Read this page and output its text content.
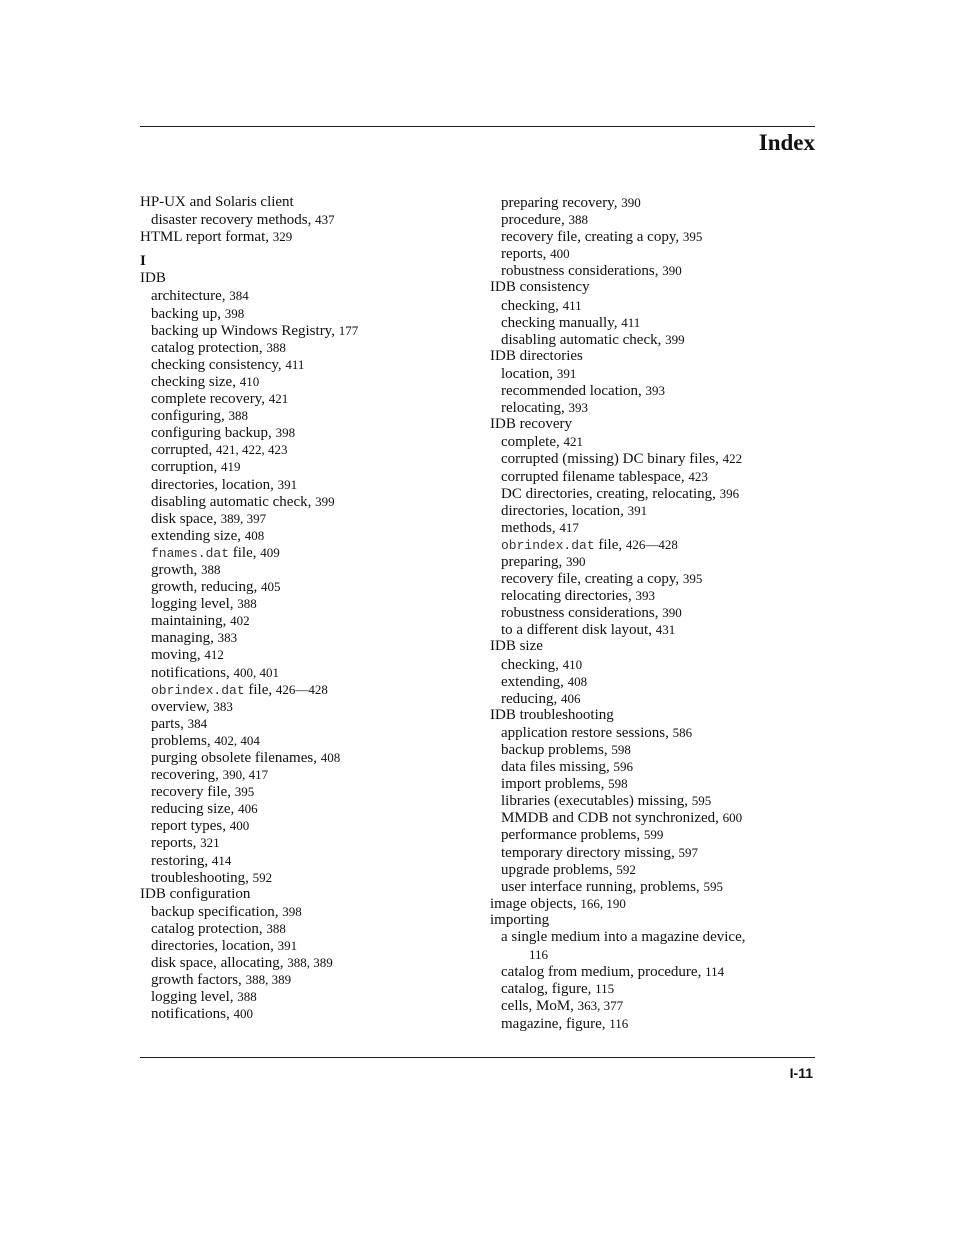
Index
HP-UX and Solaris client
disaster recovery methods, 437
HTML report format, 329
I
IDB
architecture, 384
backing up, 398
backing up Windows Registry, 177
catalog protection, 388
checking consistency, 411
checking size, 410
complete recovery, 421
configuring, 388
configuring backup, 398
corrupted, 421, 422, 423
corruption, 419
directories, location, 391
disabling automatic check, 399
disk space, 389, 397
extending size, 408
fnames.dat file, 409
growth, 388
growth, reducing, 405
logging level, 388
maintaining, 402
managing, 383
moving, 412
notifications, 400, 401
obrindex.dat file, 426—428
overview, 383
parts, 384
problems, 402, 404
purging obsolete filenames, 408
recovering, 390, 417
recovery file, 395
reducing size, 406
report types, 400
reports, 321
restoring, 414
troubleshooting, 592
IDB configuration
backup specification, 398
catalog protection, 388
directories, location, 391
disk space, allocating, 388, 389
growth factors, 388, 389
logging level, 388
notifications, 400
preparing recovery, 390
procedure, 388
recovery file, creating a copy, 395
reports, 400
robustness considerations, 390
IDB consistency
checking, 411
checking manually, 411
disabling automatic check, 399
IDB directories
location, 391
recommended location, 393
relocating, 393
IDB recovery
complete, 421
corrupted (missing) DC binary files, 422
corrupted filename tablespace, 423
DC directories, creating, relocating, 396
directories, location, 391
methods, 417
obrindex.dat file, 426—428
preparing, 390
recovery file, creating a copy, 395
relocating directories, 393
robustness considerations, 390
to a different disk layout, 431
IDB size
checking, 410
extending, 408
reducing, 406
IDB troubleshooting
application restore sessions, 586
backup problems, 598
data files missing, 596
import problems, 598
libraries (executables) missing, 595
MMDB and CDB not synchronized, 600
performance problems, 599
temporary directory missing, 597
upgrade problems, 592
user interface running, problems, 595
image objects, 166, 190
importing
a single medium into a magazine device,
116
catalog from medium, procedure, 114
catalog, figure, 115
cells, MoM, 363, 377
magazine, figure, 116
I-11
